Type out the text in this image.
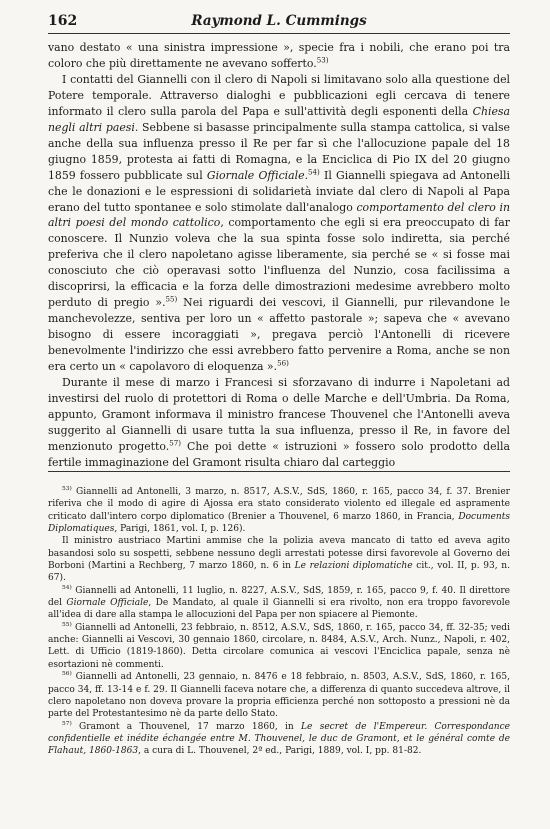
162	Raymond L. Cummings

vano destato « una sinistra impressione », specie fra i nobili, che erano poi tra coloro che più direttamente ne avevano sofferto.$^{53)}$

I contatti del Giannelli con il clero di Napoli si limitavano solo alla questione del Potere temporale. Attraverso dialoghi e pubblicazioni egli cercava di tenere informato il clero sulla parola del Papa e sull'attività degli esponenti della Chiesa negli altri paesi. Sebbene si basasse principalmente sulla stampa cattolica, si valse anche della sua influenza presso il Re per far sì che l'allocuzione papale del 18 giugno 1859, protesta ai fatti di Romagna, e la Enciclica di Pio IX del 20 giugno 1859 fossero pubblicate sul Giornale Officiale.$^{54)}$ Il Giannelli spiegava ad Antonelli che le donazioni e le espressioni di solidarietà inviate dal clero di Napoli al Papa erano del tutto spontanee e solo stimolate dall'analogo comportamento del clero in altri poesi del mondo cattolico, comportamento che egli si era preoccupato di far conoscere. Il Nunzio voleva che la sua spinta fosse solo indiretta, sia perché preferiva che il clero napoletano agisse liberamente, sia perché se « si fosse mai conosciuto che ciò operavasi sotto l'influenza del Nunzio, cosa facilissima a discoprirsi, la efficacia e la forza delle dimostrazioni medesime avrebbero molto perduto di pregio ».$^{55)}$ Nei riguardi dei vescovi, il Giannelli, pur rilevandone le manchevolezze, sentiva per loro un « affetto pastorale »; sapeva che « avevano bisogno di essere incoraggiati », pregava perciò l'Antonelli di ricevere benevolmente l'indirizzo che essi avrebbero fatto pervenire a Roma, anche se non era certo un « capolavoro di eloquenza ».$^{56)}$

Durante il mese di marzo i Francesi si sforzavano di indurre i Napoletani ad investirsi del ruolo di protettori di Roma o delle Marche e dell'Umbria. Da Roma, appunto, Gramont informava il ministro francese Thouvenel che l'Antonelli aveva suggerito al Giannelli di usare tutta la sua influenza, presso il Re, in favore del menzionuto progetto.$^{57)}$ Che poi dette « istruzioni » fossero solo prodotto della fertile immaginazione del Gramont risulta chiaro dal carteggio

$^{53)}$ Giannelli ad Antonelli, 3 marzo, n. 8517, A.S.V., SdS, 1860, r. 165, pacco 34, f. 37. Brenier riferiva che il modo di agire di Ajossa era stato considerato violento ed illegale ed aspramente criticato dall'intero corpo diplomatico (Brenier a Thouvenel, 6 marzo 1860, in Francia, Documents Diplomatiques, Parigi, 1861, vol. I, p. 126).

Il ministro austriaco Martini ammise che la polizia aveva mancato di tatto ed aveva agito basandosi solo su sospetti, sebbene nessuno degli arrestati potesse dirsi favorevole al Governo dei Borboni (Martini a Rechberg, 7 marzo 1860, n. 6 in Le relazioni diplomatiche cit., vol. II, p. 93, n. 67).

$^{54)}$ Giannelli ad Antonelli, 11 luglio, n. 8227, A.S.V., SdS, 1859, r. 165, pacco 9, f. 40. Il direttore del Giornale Officiale, De Mandato, al quale il Giannelli si era rivolto, non era troppo favorevole all'idea di dare alla stampa le allocuzioni del Papa per non spiacere al Piemonte.

$^{55)}$ Giannelli ad Antonelli, 23 febbraio, n. 8512, A.S.V., SdS, 1860, r. 165, pacco 34, ff. 32-35; vedi anche: Giannelli ai Vescovi, 30 gennaio 1860, circolare, n. 8484, A.S.V., Arch. Nunz., Napoli, r. 402, Lett. di Ufficio (1819-1860). Detta circolare comunica ai vescovi l'Enciclica papale, senza nè esortazioni nè commenti.

$^{56)}$ Giannelli ad Antonelli, 23 gennaio, n. 8476 e 18 febbraio, n. 8503, A.S.V., SdS, 1860, r. 165, pacco 34, ff. 13-14 e f. 29. Il Giannelli faceva notare che, a differenza di quanto succedeva altrove, il clero napoletano non doveva provare la propria efficienza perché non sottoposto a pressioni nè da parte del Protestantesimo nè da parte dello Stato.

$^{57)}$ Gramont a Thouvenel, 17 marzo 1860, in Le secret de l'Empereur. Correspondance confidentielle et inédite échangée entre M. Thouvenel, le duc de Gramont, et le général comte de Flahaut, 1860-1863, a cura di L. Thouvenel, 2ª ed., Parigi, 1889, vol. I, pp. 81-82.
